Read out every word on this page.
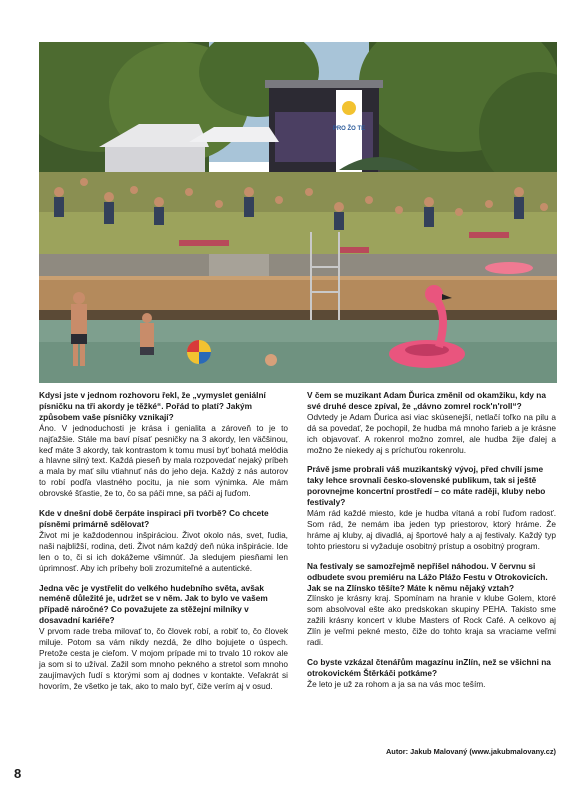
PRO ŽO TE

Kdysi jste v jednom rozhovoru řekl, že „vymyslet geniální písničku na tři akordy je těžké“. Pořád to platí? Jakým způsobem vaše písničky vznikají?

Áno. V jednoduchosti je krása i genialita a zároveň to je to najťažšie. Stále ma baví písať pesničky na 3 akordy, len väčšinou, keď máte 3 akordy, tak kontrastom k tomu musí byť bohatá melódia a hlavne silný text. Každá pieseň by mala rozpovedať nejaký príbeh a mala by mať silu vtiahnuť nás do jeho deja. Každý z nás autorov to robí podľa vlastného pocitu, ja nie som výnimka. Ale mám obrovské šťastie, že to, čo sa páči mne, sa páči aj ľuďom.

Kde v dnešní době čerpáte inspiraci při tvorbě? Co chcete písněmi primárně sdělovat?

Život mi je každodennou inšpiráciou. Život okolo nás, svet, ľudia, naši najbližší, rodina, deti. Život nám každý deň núka inšpirácie. Ide len o to, či si ich dokážeme všimnúť. Ja sledujem piesňami len úprimnosť. Aby ich príbehy boli zrozumiteľné a autentické.

Jedna věc je vystřelit do velkého hudebního světa, avšak neméně důležité je, udržet se v něm. Jak to bylo ve vašem případě náročné? Co považujete za stěžejní milníky v dosavadní kariéře?

V prvom rade treba milovať to, čo človek robí, a robiť to, čo človek miluje. Potom sa vám nikdy nezdá, že dlho bojujete o úspech. Pretože cesta je cieľom. V mojom prípade mi to trvalo 10 rokov ale ja som si to užíval. Zažil som mnoho pekného a stretol som mnoho zaujímavých ľudí s ktorými som aj dodnes v kontakte. Veľakrát si hovorím, že všetko je tak, ako to malo byť, čiže verím aj v osud.

V čem se muzikant Adam Ďurica změnil od okamžiku, kdy na své druhé desce zpíval, že „dávno zomrel rock'n'roll“?

Odvtedy je Adam Ďurica asi viac skúsenejší, netlačí toľko na pilu a dá sa povedať, že pochopil, že hudba má mnoho farieb a je krásne ich objavovať. A rokenrol možno zomrel, ale hudba žije ďalej a možno že niekedy aj s príchuťou rokenrolu.

Právě jsme probrali váš muzikantský vývoj, před chvílí jsme taky lehce srovnali česko-slovenské publikum, tak si ještě porovnejme koncertní prostředí – co máte raději, kluby nebo festivaly?

Mám rád každé miesto, kde je hudba vítaná a robí ľuďom radosť. Som rád, že nemám iba jeden typ priestorov, ktorý hráme. Že hráme aj kluby, aj divadlá, aj športové haly a aj festivaly. Každý typ tohto priestoru si vyžaduje osobitný prístup a osobitný program.

Na festivaly se samozřejmě nepřišel náhodou. V červnu si odbudete svou premiéru na Lážo Plážo Festu v Otrokovicích. Jak se na Zlínsko těšíte? Máte k němu nějaký vztah?

Zlínsko je krásny kraj. Spomínam na hranie v klube Golem, ktoré som absolvoval ešte ako predskokan skupiny PEHA. Takisto sme zažili krásny koncert v klube Masters of Rock Café. A celkovo aj Zlín je veľmi pekné mesto, čiže do tohto kraja sa vraciame veľmi radi.

Co byste vzkázal čtenářům magazínu inZlín, než se všichni na otrokovickém Štěrkáči potkáme?

Že leto je už za rohom a ja sa na vás moc teším.

Autor: Jakub Malovaný (www.jakubmalovany.cz)

8
